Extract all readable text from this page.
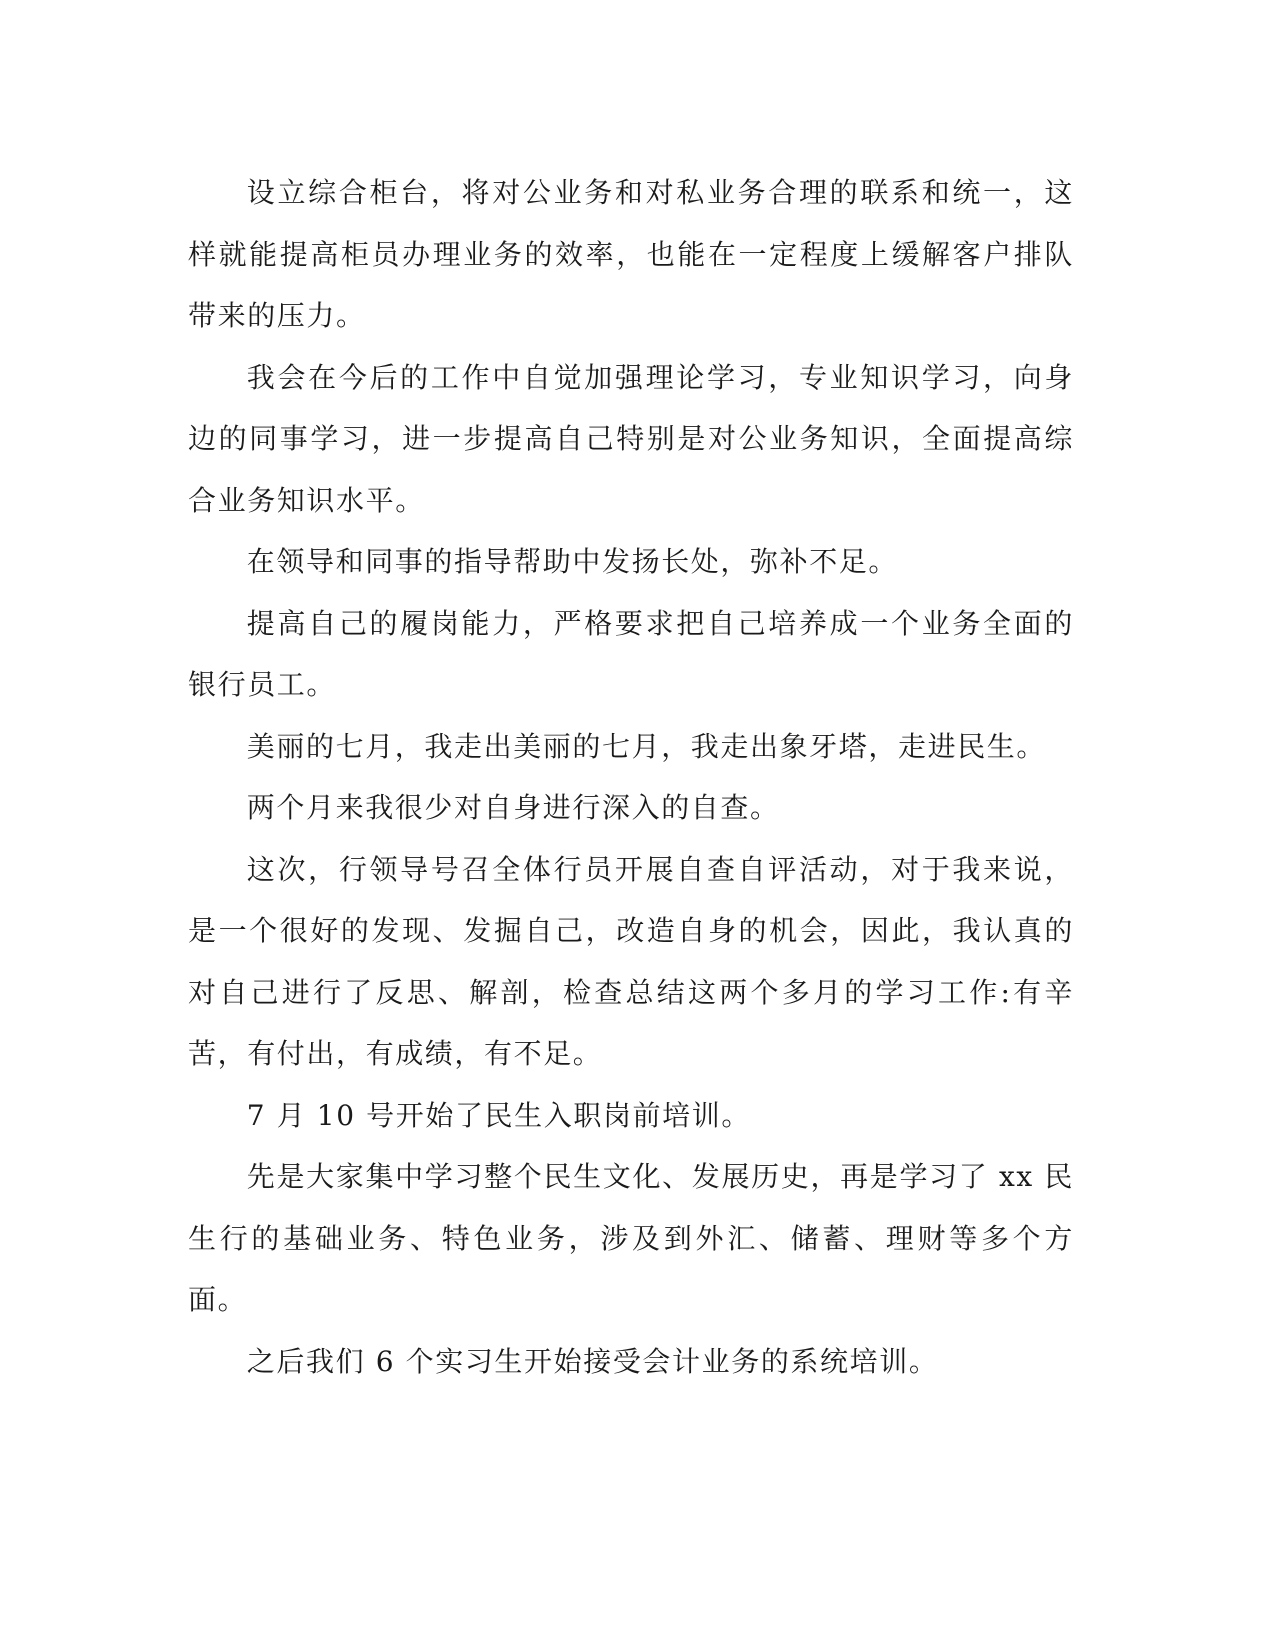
设立综合柜台，将对公业务和对私业务合理的联系和统一，这样就能提高柜员办理业务的效率，也能在一定程度上缓解客户排队带来的压力。

我会在今后的工作中自觉加强理论学习，专业知识学习，向身边的同事学习，进一步提高自己特别是对公业务知识，全面提高综合业务知识水平。

在领导和同事的指导帮助中发扬长处，弥补不足。

提高自己的履岗能力，严格要求把自己培养成一个业务全面的银行员工。

美丽的七月，我走出美丽的七月，我走出象牙塔，走进民生。

两个月来我很少对自身进行深入的自查。

这次，行领导号召全体行员开展自查自评活动，对于我来说，是一个很好的发现、发掘自己，改造自身的机会，因此，我认真的对自己进行了反思、解剖，检查总结这两个多月的学习工作:有辛苦，有付出，有成绩，有不足。

7 月 10 号开始了民生入职岗前培训。

先是大家集中学习整个民生文化、发展历史，再是学习了 xx 民生行的基础业务、特色业务，涉及到外汇、储蓄、理财等多个方面。

之后我们 6 个实习生开始接受会计业务的系统培训。
